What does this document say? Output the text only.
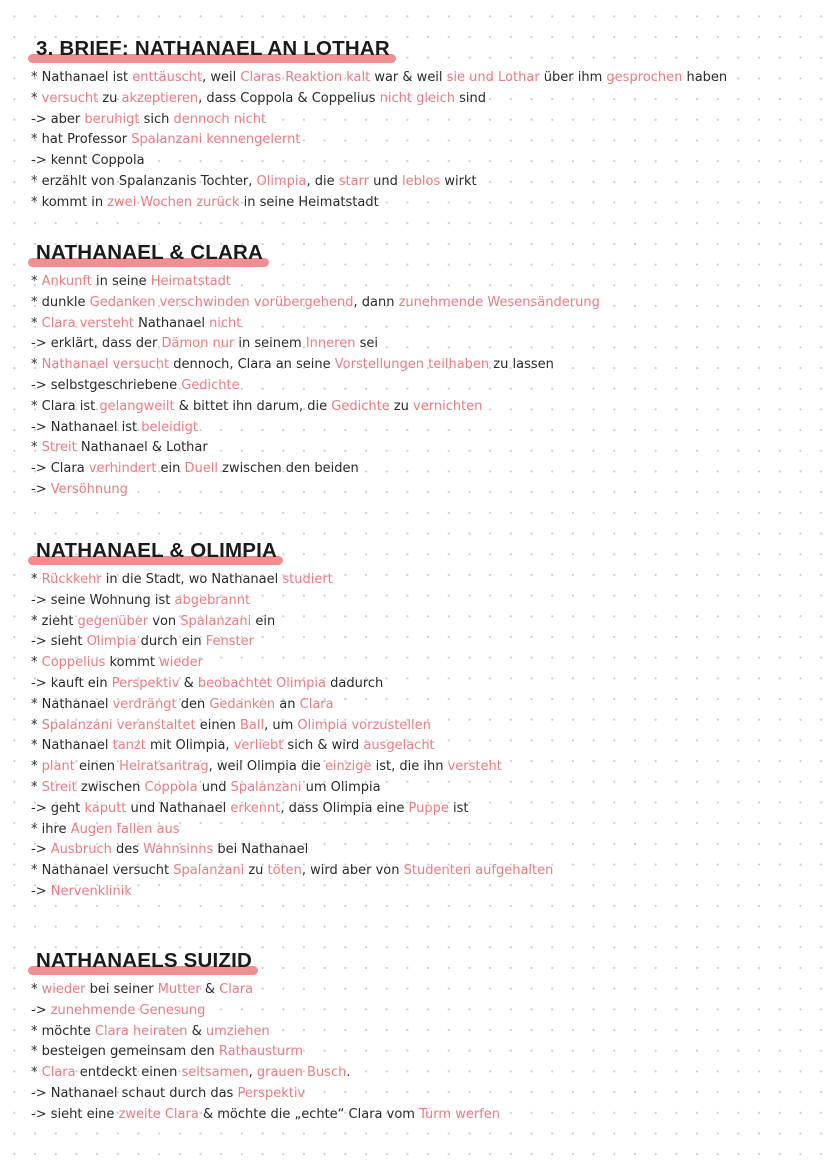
3. BRIEF: NATHANAEL AN LOTHAR
* Nathanael ist enttäuscht, weil Claras Reaktion kalt war & weil sie und Lothar über ihm gesprochen haben
* versucht zu akzeptieren, dass Coppola & Coppelius nicht gleich sind
-> aber beruhigt sich dennoch nicht
* hat Professor Spalanzani kennengelernt
-> kennt Coppola
* erzählt von Spalanzanis Tochter, Olimpia, die starr und leblos wirkt
* kommt in zwei Wochen zurück in seine Heimatstadt
NATHANAEL & CLARA
* Ankunft in seine Heimatstadt
* dunkle Gedanken verschwinden vorübergehend, dann zunehmende Wesensänderung
* Clara versteht Nathanael nicht
-> erklärt, dass der Dämon nur in seinem Inneren sei
* Nathanael versucht dennoch, Clara an seine Vorstellungen teilhaben zu lassen
-> selbstgeschriebene Gedichte
* Clara ist gelangweilt & bittet ihn darum, die Gedichte zu vernichten
-> Nathanael ist beleidigt
* Streit Nathanael & Lothar
-> Clara verhindert ein Duell zwischen den beiden
-> Versöhnung
NATHANAEL & OLIMPIA
* Rückkehr in die Stadt, wo Nathanael studiert
-> seine Wohnung ist abgebrannt
* zieht gegenüber von Spalanzani ein
-> sieht Olimpia durch ein Fenster
* Coppelius kommt wieder
-> kauft ein Perspektiv & beobachtet Olimpia dadurch
* Nathanael verdrängt den Gedanken an Clara
* Spalanzani veranstaltet einen Ball, um Olimpia vorzustellen
* Nathanael tanzt mit Olimpia, verliebt sich & wird ausgelacht
* plant einen Heiratsantrag, weil Olimpia die einzige ist, die ihn versteht
* Streit zwischen Coppola und Spalanzani um Olimpia
-> geht kaputt und Nathanael erkennt, dass Olimpia eine Puppe ist
* ihre Augen fallen aus
-> Ausbruch des Wahnsinns bei Nathanael
* Nathanael versucht Spalanzani zu töten, wird aber von Studenten aufgehalten
-> Nervenklinik
NATHANAELS SUIZID
* wieder bei seiner Mutter & Clara
-> zunehmende Genesung
* möchte Clara heiraten & umziehen
* besteigen gemeinsam den Rathausturm
* Clara entdeckt einen seltsamen, grauen Busch.
-> Nathanael schaut durch das Perspektiv
-> sieht eine zweite Clara & möchte die „echte“ Clara vom Turm werfen
